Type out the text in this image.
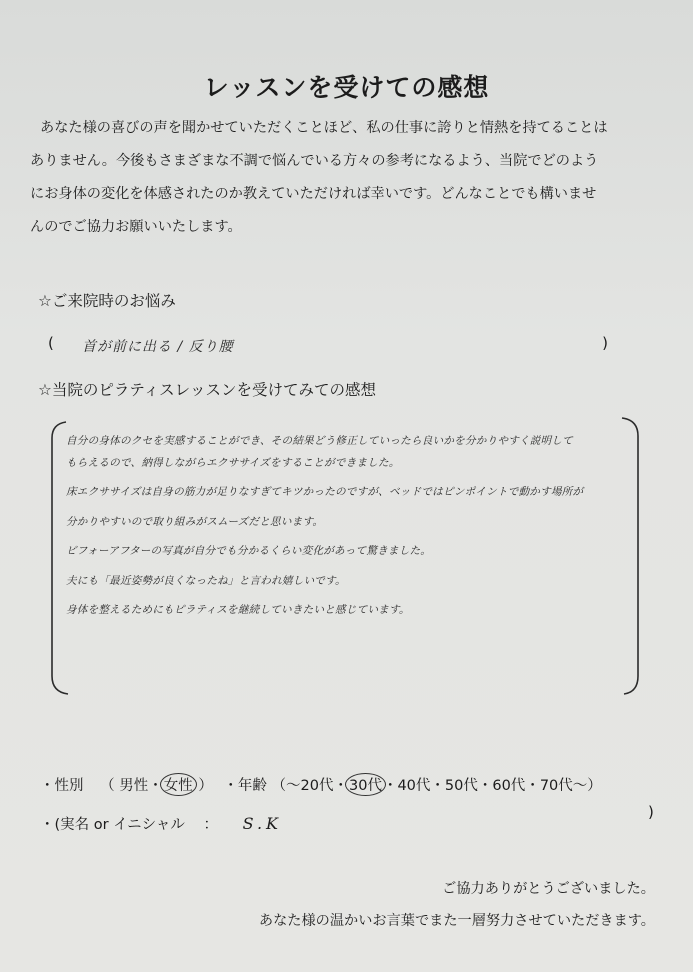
レッスンを受けての感想
あなた様の喜びの声を聞かせていただくことほど、私の仕事に誇りと情熱を持てることは
ありません。今後もさまざまな不調で悩んでいる方々の参考になるよう、当院でどのよう
にお身体の変化を体感されたのか教えていただければ幸いです。どんなことでも構いませ
んのでご協力お願いいたします。
☆ご来院時のお悩み
( 首が前に出る / 反り腰	)
☆当院のピラティスレッスンを受けてみての感想
自分の身体のクセを実感することができ、その結果どう修正していったら良いかを分かりやすく説明して
もらえるので、納得しながらエクササイズをすることができました。
床エクササイズは自身の筋力が足りなすぎてキツかったのですが、ベッドではピンポイントで動かす場所が
分かりやすいので取り組みがスムーズだと思います。
ビフォーアフターの写真が自分でも分かるくらい変化があって驚きました。
夫にも「最近姿勢が良くなったね」と言われ嬉しいです。
身体を整えるためにもピラティスを継続していきたいと感じています。
・性別 （ 男性・女性 ） ・年齢 （〜20代・30代・40代・50代・60代・70代〜）
・(実名 or イニシャル ： S.K
)
ご協力ありがとうございました。
あなた様の温かいお言葉でまた一層努力させていただきます。
